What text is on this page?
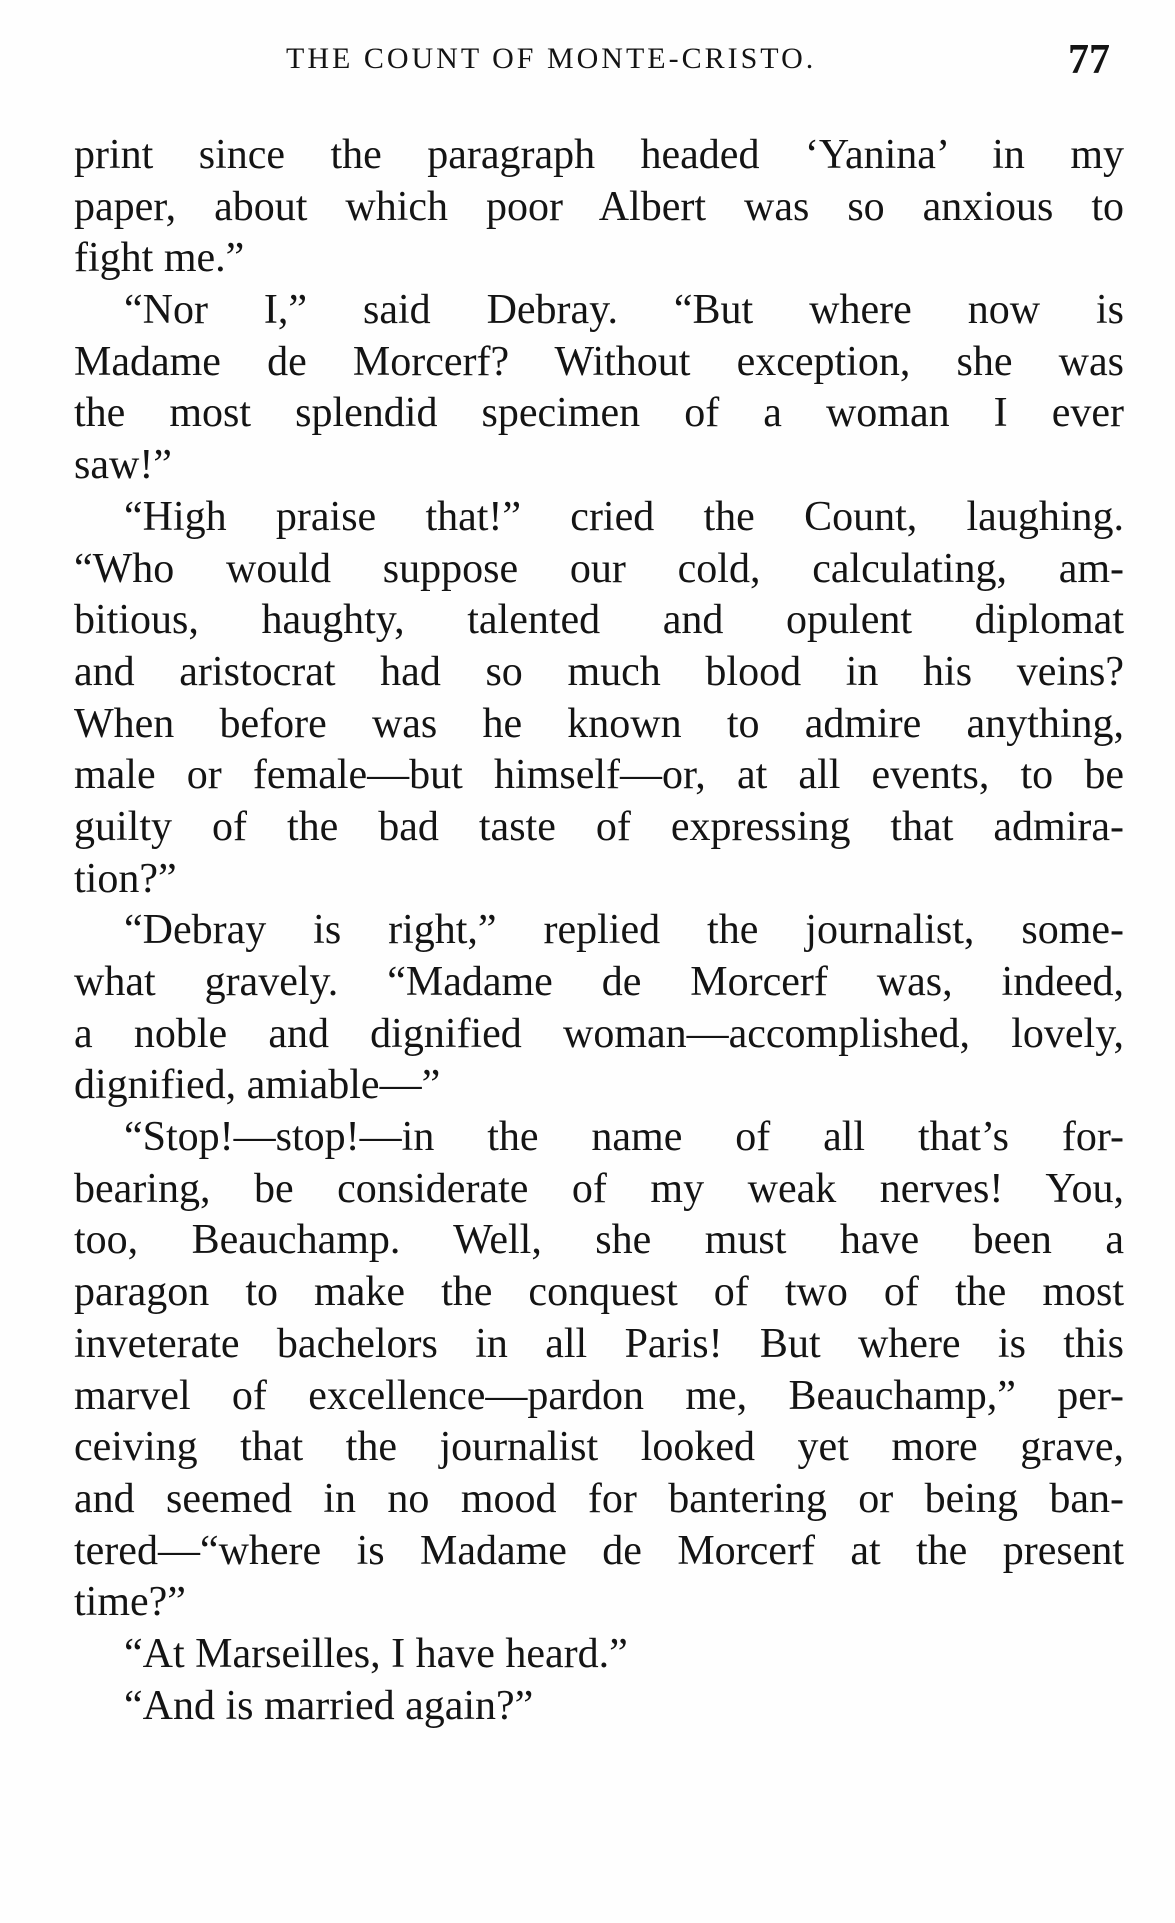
THE COUNT OF MONTE-CRISTO.	77
print since the paragraph headed ‘Yanina’ in my
paper, about which poor Albert was so anxious to
fight me.”
“Nor I,” said Debray. “But where now is
Madame de Morcerf? Without exception, she was
the most splendid specimen of a woman I ever
saw!”
“High praise that!” cried the Count, laughing.
“Who would suppose our cold, calculating, am-
bitious, haughty, talented and opulent diplomat
and aristocrat had so much blood in his veins?
When before was he known to admire anything,
male or female—but himself—or, at all events, to be
guilty of the bad taste of expressing that admira-
tion?”
“Debray is right,” replied the journalist, some-
what gravely. “Madame de Morcerf was, indeed,
a noble and dignified woman—accomplished, lovely,
dignified, amiable—”
“Stop!—stop!—in the name of all that’s for-
bearing, be considerate of my weak nerves! You,
too, Beauchamp. Well, she must have been a
paragon to make the conquest of two of the most
inveterate bachelors in all Paris! But where is this
marvel of excellence—pardon me, Beauchamp,” per-
ceiving that the journalist looked yet more grave,
and seemed in no mood for bantering or being ban-
tered—“where is Madame de Morcerf at the present
time?”
“At Marseilles, I have heard.”
“And is married again?”
